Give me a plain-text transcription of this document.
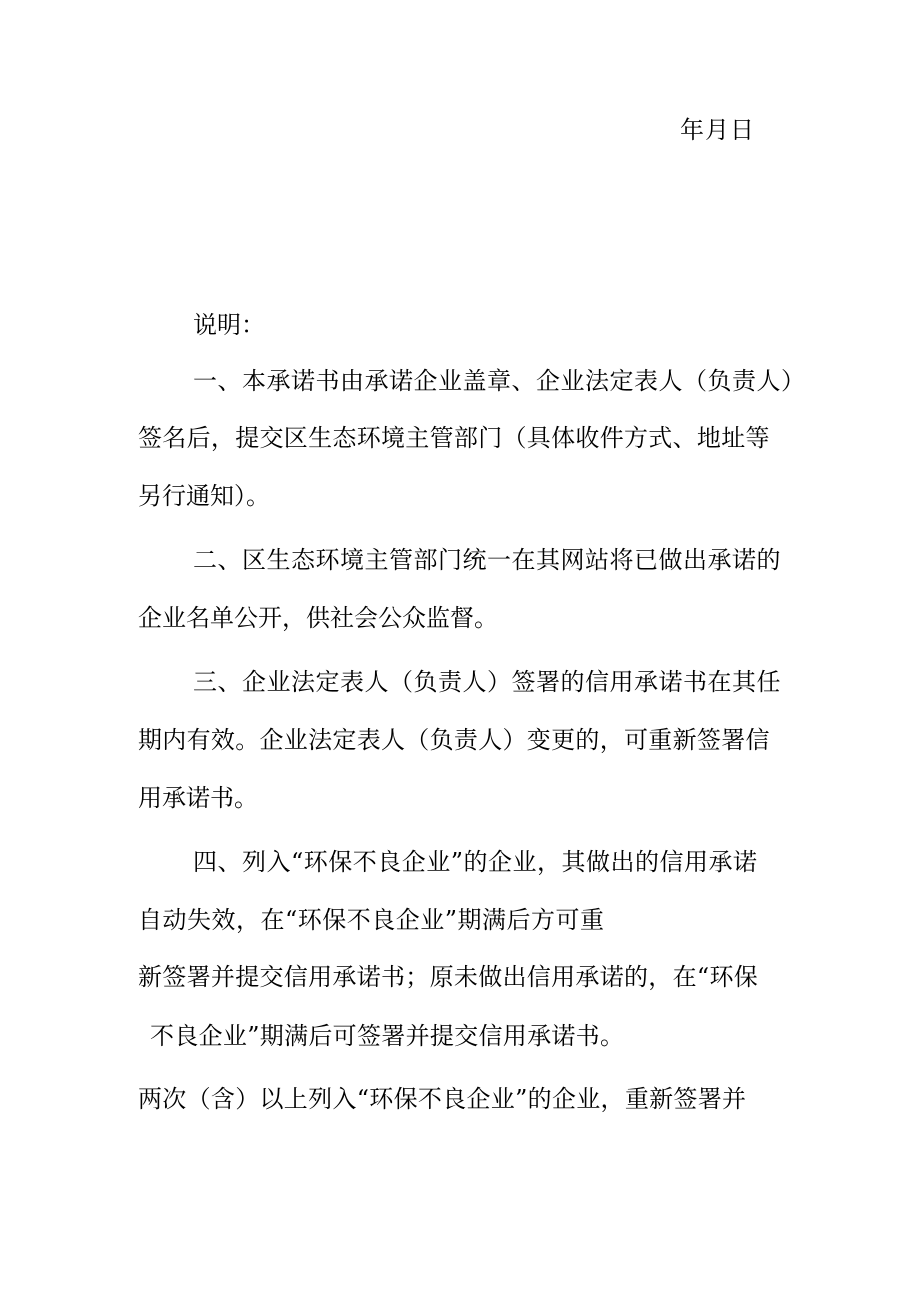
年月日
说明：
一、本承诺书由承诺企业盖章、企业法定表人（负责人）
签名后，提交区生态环境主管部门（具体收件方式、地址等
另行通知）。
二、区生态环境主管部门统一在其网站将已做出承诺的
企业名单公开，供社会公众监督。
三、企业法定表人（负责人）签署的信用承诺书在其任
期内有效。企业法定表人（负责人）变更的，可重新签署信
用承诺书。
四、列入“环保不良企业”的企业，其做出的信用承诺
自动失效，在“环保不良企业”期满后方可重
新签署并提交信用承诺书；原未做出信用承诺的，在“环保
不良企业”期满后可签署并提交信用承诺书。
两次（含）以上列入“环保不良企业”的企业，重新签署并
